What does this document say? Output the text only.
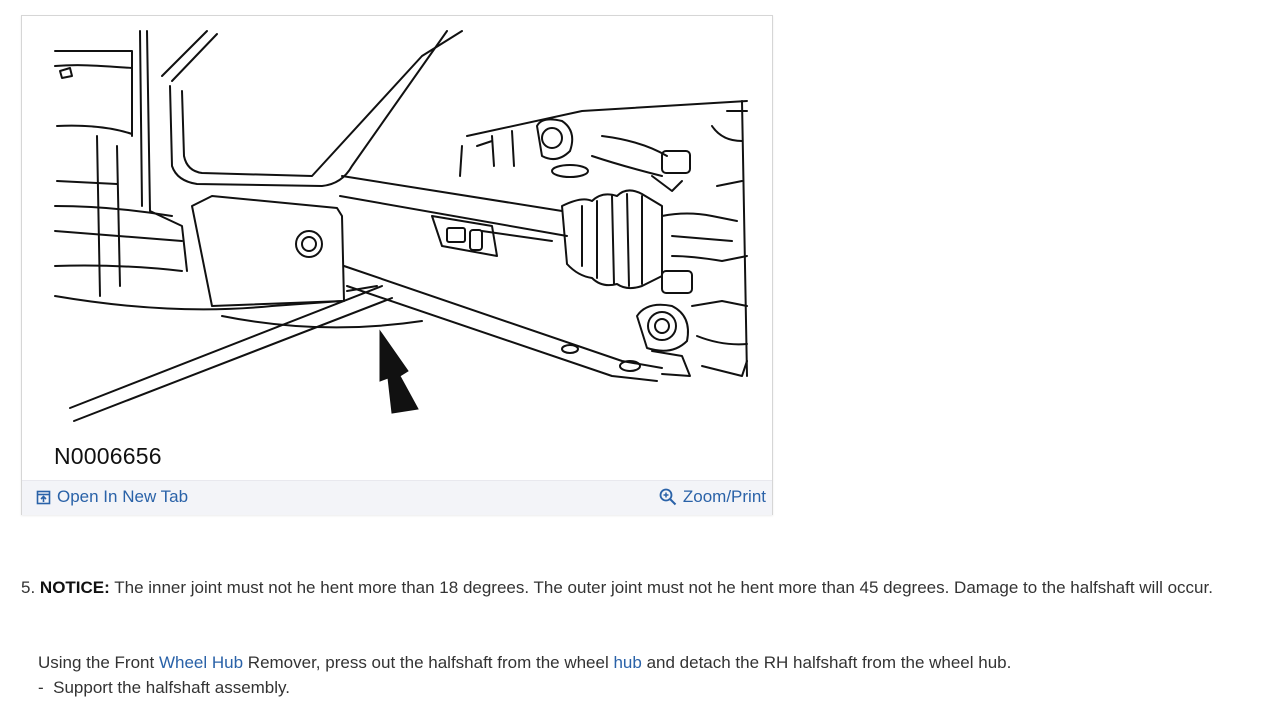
N0006656
Open In New Tab	Zoom/Print
5. NOTICE: The inner joint must not he hent more than 18 degrees. The outer joint must not he hent more than 45 degrees. Damage to the halfshaft will occur.
Using the Front Wheel Hub Remover, press out the halfshaft from the wheel hub and detach the RH halfshaft from the wheel hub.
- Support the halfshaft assembly.
